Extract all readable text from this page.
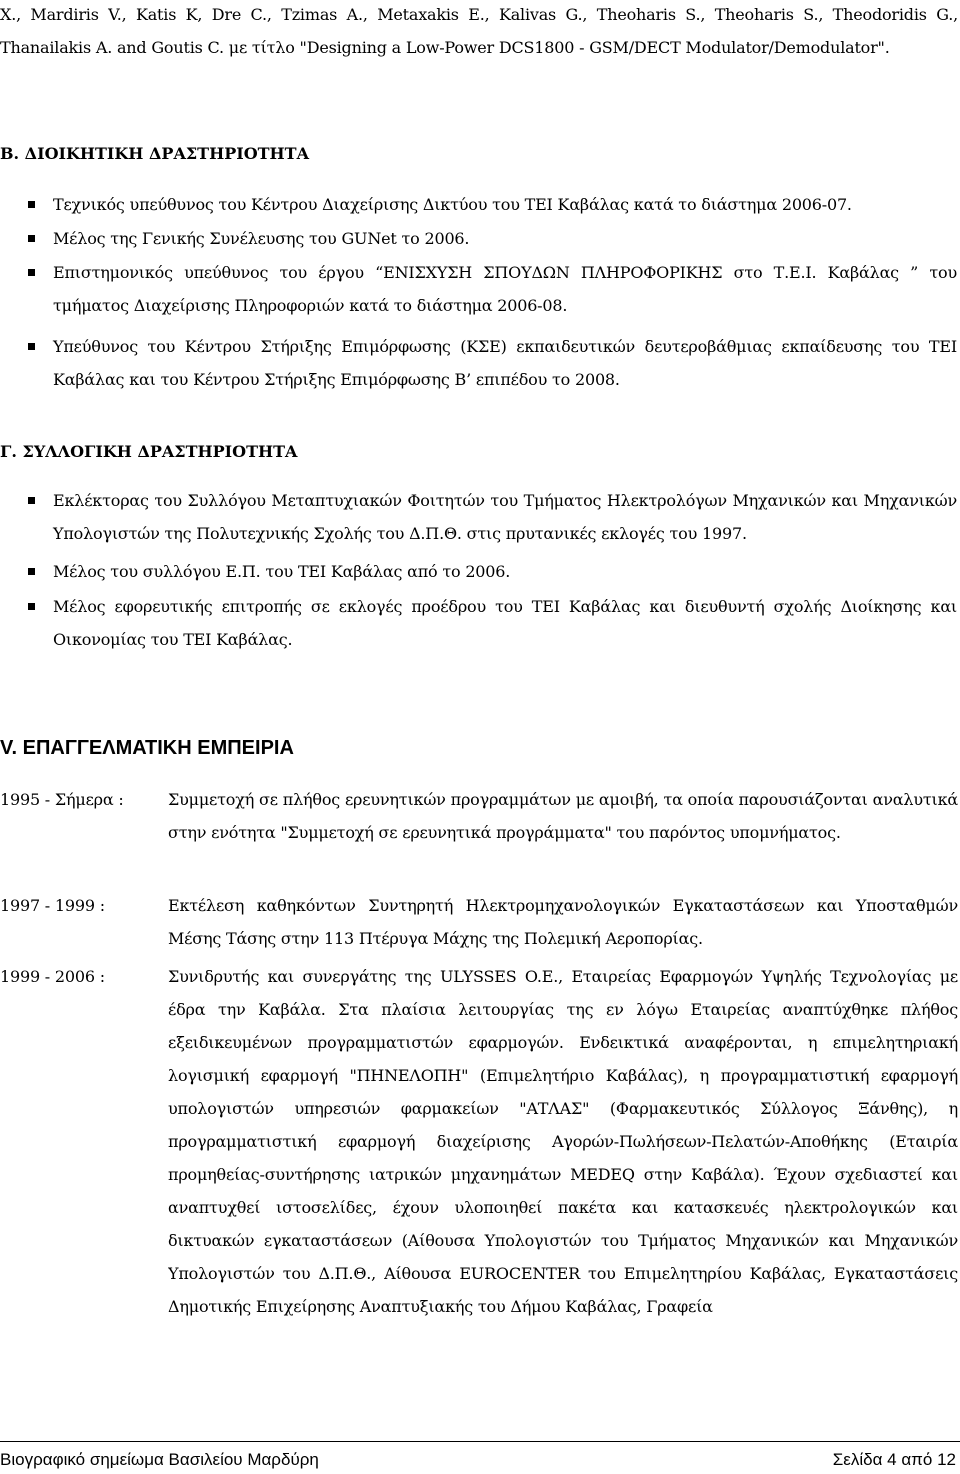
X., Mardiris V., Katis K, Dre C., Tzimas A., Metaxakis E., Kalivas G., Theoharis S., Theoharis S., Theodoridis G., Thanailakis A. and Goutis C. με τίτλο "Designing a Low-Power DCS1800 - GSM/DECT Modulator/Demodulator".
Β. ΔΙΟΙΚΗΤΙΚΗ ΔΡΑΣΤΗΡΙΟΤΗΤΑ
Τεχνικός υπεύθυνος του Κέντρου Διαχείρισης Δικτύου του ΤΕΙ Καβάλας κατά το διάστημα 2006-07.
Μέλος της Γενικής Συνέλευσης του GUNet το 2006.
Επιστημονικός υπεύθυνος του έργου “ΕΝΙΣΧΥΣΗ ΣΠΟΥΔΩΝ ΠΛΗΡΟΦΟΡΙΚΗΣ στο Τ.Ε.Ι. Καβάλας ” του τμήματος Διαχείρισης Πληροφοριών κατά το διάστημα 2006-08.
Υπεύθυνος του Κέντρου Στήριξης Επιμόρφωσης (ΚΣΕ) εκπαιδευτικών δευτεροβάθμιας εκπαίδευσης του ΤΕΙ Καβάλας και του Κέντρου Στήριξης Επιμόρφωσης Β’ επιπέδου το 2008.
Γ. ΣΥΛΛΟΓΙΚΗ ΔΡΑΣΤΗΡΙΟΤΗΤΑ
Εκλέκτορας του Συλλόγου Μεταπτυχιακών Φοιτητών του Τμήματος Ηλεκτρολόγων Μηχανικών και Μηχανικών Υπολογιστών της Πολυτεχνικής Σχολής του Δ.Π.Θ. στις πρυτανικές εκλογές του 1997.
Μέλος του συλλόγου Ε.Π. του ΤΕΙ Καβάλας από το 2006.
Μέλος εφορευτικής επιτροπής σε εκλογές προέδρου του ΤΕΙ Καβάλας και διευθυντή σχολής Διοίκησης και Οικονομίας του ΤΕΙ Καβάλας.
V. ΕΠΑΓΓΕΛΜΑΤΙΚΗ ΕΜΠΕΙΡΙΑ
1995 - Σήμερα :	Συμμετοχή σε πλήθος ερευνητικών προγραμμάτων με αμοιβή, τα οποία παρουσιάζονται αναλυτικά στην ενότητα "Συμμετοχή σε ερευνητικά προγράμματα" του παρόντος υπομνήματος.
1997 - 1999 :	Εκτέλεση καθηκόντων Συντηρητή Ηλεκτρομηχανολογικών Εγκαταστάσεων και Υποσταθμών Μέσης Τάσης στην 113 Πτέρυγα Μάχης της Πολεμική Αεροπορίας.
1999 - 2006 :	Συνιδρυτής και συνεργάτης της ULYSSES O.E., Εταιρείας Εφαρμογών Υψηλής Τεχνολογίας με έδρα την Καβάλα. Στα πλαίσια λειτουργίας της εν λόγω Εταιρείας αναπτύχθηκε πλήθος εξειδικευμένων προγραμματιστών εφαρμογών. Ενδεικτικά αναφέρονται, η επιμελητηριακή λογισμική εφαρμογή "ΠΗΝΕΛΟΠΗ" (Επιμελητήριο Καβάλας), η προγραμματιστική εφαρμογή υπολογιστών υπηρεσιών φαρμακείων "ΑΤΛΑΣ" (Φαρμακευτικός Σύλλογος Ξάνθης), η προγραμματιστική εφαρμογή διαχείρισης Αγορών-Πωλήσεων-Πελατών-Αποθήκης (Εταιρία προμηθείας-συντήρησης ιατρικών μηχανημάτων MEDEQ στην Καβάλα). Έχουν σχεδιαστεί και αναπτυχθεί ιστοσελίδες, έχουν υλοποιηθεί πακέτα και κατασκευές ηλεκτρολογικών και δικτυακών εγκαταστάσεων (Αίθουσα Υπολογιστών του Τμήματος Μηχανικών και Μηχανικών Υπολογιστών του Δ.Π.Θ., Αίθουσα EUROCENTER του Επιμελητηρίου Καβάλας, Εγκαταστάσεις Δημοτικής Επιχείρησης Αναπτυξιακής του Δήμου Καβάλας, Γραφεία
Βιογραφικό σημείωμα Βασιλείου Μαρδύρη	Σελίδα 4 από 12
